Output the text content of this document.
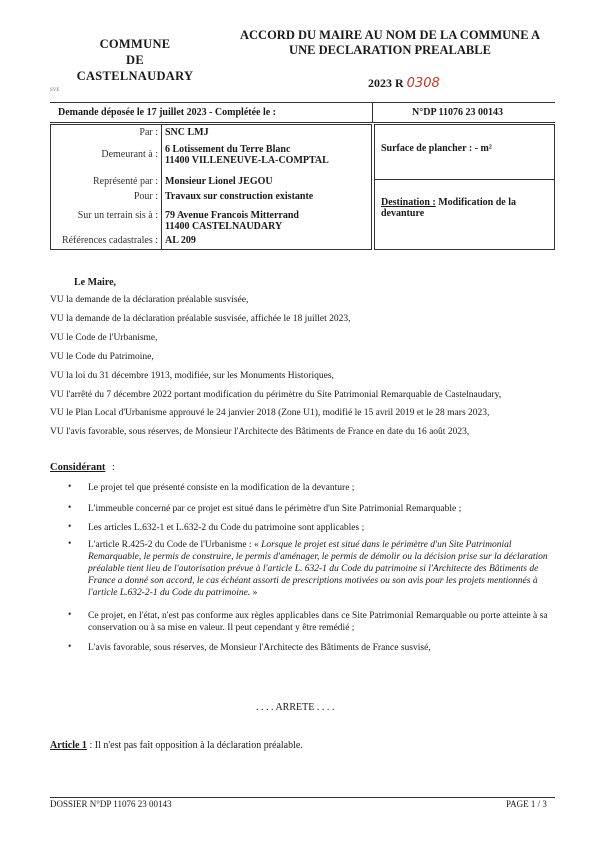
COMMUNE
DE
CASTELNAUDARY
SVE
ACCORD DU MAIRE AU NOM DE LA COMMUNE A
UNE DECLARATION PREALABLE
2023 R 0308
Demande déposée le 17 juillet 2023 - Complétée le :	N°DP 11076 23 00143
Par : SNC LMJ
Demeurant à : 6 Lotissement du Terre Blanc
11400 VILLENEUVE-LA-COMPTAL
Représenté par : Monsieur Lionel JEGOU
Pour : Travaux sur construction existante
Sur un terrain sis à : 79 Avenue Francois Mitterrand
11400 CASTELNAUDARY
Références cadastrales : AL 209
Surface de plancher : - m²
Destination : Modification de la devanture
Le Maire,
VU la demande de la déclaration préalable susvisée,
VU la demande de la déclaration préalable susvisée, affichée le 18 juillet 2023,
VU le Code de l'Urbanisme,
VU le Code du Patrimoine,
VU la loi du 31 décembre 1913, modifiée, sur les Monuments Historiques,
VU l'arrêté du 7 décembre 2022 portant modification du périmètre du Site Patrimonial Remarquable de Castelnaudary,
VU le Plan Local d'Urbanisme approuvé le 24 janvier 2018 (Zone U1), modifié le 15 avril 2019 et le 28 mars 2023,
VU l'avis favorable, sous réserves, de Monsieur l'Architecte des Bâtiments de France en date du 16 août 2023,
Considérant :
• Le projet tel que présenté consiste en la modification de la devanture ;
• L'immeuble concerné par ce projet est situé dans le périmètre d'un Site Patrimonial Remarquable ;
• Les articles L.632-1 et L.632-2 du Code du patrimoine sont applicables ;
• L'article R.425-2 du Code de l'Urbanisme : « Lorsque le projet est situé dans le périmètre d'un Site Patrimonial Remarquable, le permis de construire, le permis d'aménager, le permis de démolir ou la décision prise sur la déclaration préalable tient lieu de l'autorisation prévue à l'article L. 632-1 du Code du patrimoine si l'Architecte des Bâtiments de France a donné son accord, le cas échéant assorti de prescriptions motivées ou son avis pour les projets mentionnés à l'article L.632-2-1 du Code du patrimoine. »
• Ce projet, en l'état, n'est pas conforme aux règles applicables dans ce Site Patrimonial Remarquable ou porte atteinte à sa conservation ou à sa mise en valeur. Il peut cependant y être remédié ;
• L'avis favorable, sous réserves, de Monsieur l'Architecte des Bâtiments de France susvisé,
. . . . ARRETE . . . .
Article 1 : Il n'est pas fait opposition à la déclaration préalable.
DOSSIER N°DP 11076 23 00143	PAGE 1 / 3
